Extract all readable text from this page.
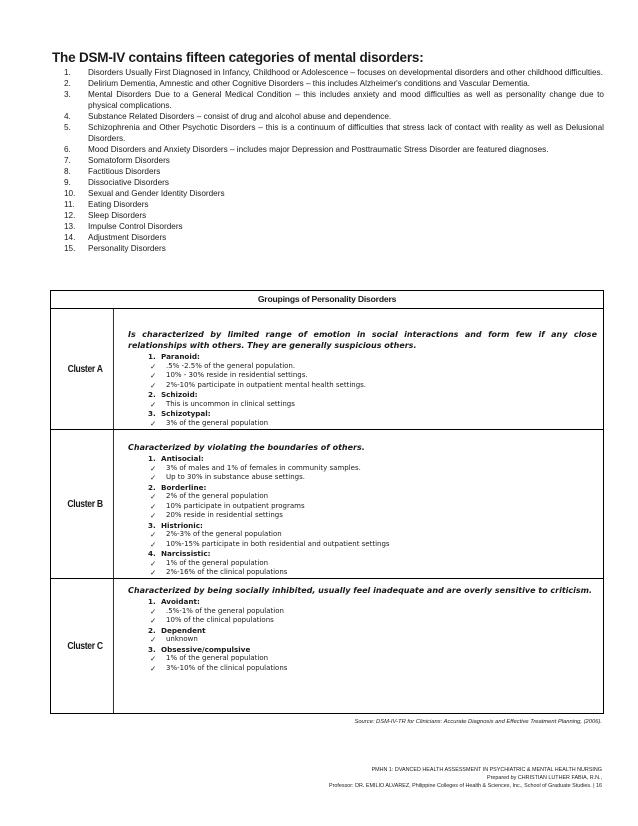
The DSM-IV contains fifteen categories of mental disorders:
1.	Disorders Usually First Diagnosed in Infancy, Childhood or Adolescence – focuses on developmental disorders and other childhood difficulties.
2.	Delirium Dementia, Amnestic and other Cognitive Disorders – this includes Alzheimer's conditions and Vascular Dementia.
3.	Mental Disorders Due to a General Medical Condition – this includes anxiety and mood difficulties as well as personality change due to physical complications.
4.	Substance Related Disorders – consist of drug and alcohol abuse and dependence.
5.	Schizophrenia and Other Psychotic Disorders – this is a continuum of difficulties that stress lack of contact with reality as well as Delusional Disorders.
6.	Mood Disorders and Anxiety Disorders – includes major Depression and Posttraumatic Stress Disorder are featured diagnoses.
7.	Somatoform Disorders
8.	Factitious Disorders
9.	Dissociative Disorders
10.	Sexual and Gender Identity Disorders
11.	Eating Disorders
12.	Sleep Disorders
13.	Impulse Control Disorders
14.	Adjustment Disorders
15.	Personality Disorders
Groupings of Personality Disorders
Cluster A
Is characterized by limited range of emotion in social interactions and form few if any close relationships with others. They are generally suspicious others.
1. Paranoid:
✓	.5% -2.5% of the general population.
✓	10% - 30% reside in residential settings.
✓	2%-10% participate in outpatient mental health settings.
2. Schizoid:
✓	This is uncommon in clinical settings
3. Schizotypal:
✓	3% of the general population
Cluster B
Characterized by violating the boundaries of others.
1. Antisocial:
✓	3% of males and 1% of females in community samples.
✓	Up to 30% in substance abuse settings.
2. Borderline:
✓	2% of the general population
✓	10% participate in outpatient programs
✓	20% reside in residential settings
3. Histrionic:
✓	2%-3% of the general population
✓	10%-15% participate in both residential and outpatient settings
4. Narcissistic:
✓	1% of the general population
✓	2%-16% of the clinical populations
Cluster C
Characterized by being socially inhibited, usually feel inadequate and are overly sensitive to criticism.
1. Avoidant:
✓	.5%-1% of the general population
✓	10% of the clinical populations
2. Dependent
✓	unknown
3. Obsessive/compulsive
✓	1% of the general population
✓	3%-10% of the clinical populations
Source: DSM-IV-TR for Clinicians: Accurate Diagnosis and Effective Treatment Planning, (2006).
PMHN 1: DVANCED HEALTH ASSESSMENT IN PSYCHIATRIC & MENTAL HEALTH NURSING
Prepared by CHRISTIAN LUTHER FABIA, R.N.,
Professor: DR. EMILIO ALVAREZ, Philippine Colleges of Health & Sciences, Inc., School of Graduate Studies. | 16
